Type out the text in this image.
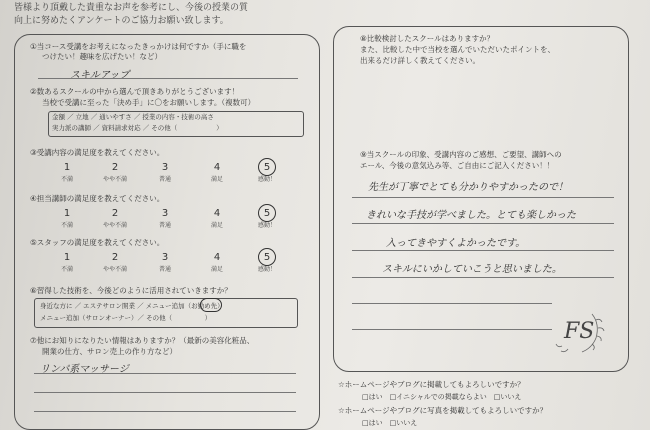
皆様より頂戴した貴重なお声を参考にし、今後の授業の質
向上に努めたくアンケートのご協力お願い致します。
①当コース受講をお考えになったきっかけは何ですか（手に職を
つけたい！趣味を広げたい！など）
スキルアップ
②数あるスクールの中から選んで頂きありがとうございます！
当校で受講に至った「決め手」に〇をお願いします。（複数可）
金額 ／ 立地 ／ 通いやすさ ／ 授業の内容・技術の高さ
実力派の講師 ／ 資料請求対応 ／ その他（　　　　　　）
③受講内容の満足度を教えてください。
1	2	3	4	5
不満	やや不満	普通	満足	感動！
④担当講師の満足度を教えてください。
1	2	3	4	5
不満	やや不満	普通	満足	感動！
⑤スタッフの満足度を教えてください。
1	2	3	4	5
不満	やや不満	普通	満足	感動！
⑥習得した技術を、今後どのように活用されていきますか？
身近な方に ／ エステサロン開業 ／ メニュー追加（お勤め先）
メニュー追加（サロンオーナー）／ その他（　　　　　）
⑦他にお知りになりたい情報はありますか？（最新の美容化粧品、
開業の仕方、サロン売上の作り方など）
リンパ系マッサージ
⑧比較検討したスクールはありますか？
また、比較した中で当校を選んでいただいたポイントを、
出来るだけ詳しく教えてください。
⑨当スクールの印象、受講内容のご感想、ご要望、講師への
エール、今後の意気込み等、ご自由にご記入ください！！
先生が丁寧でとても分かりやすかったので！
きれいな手技が学べました。とても楽しかった
入ってきやすくよかったです。
スキルにいかしていこうと思いました。
FS
☆ホームページやブログに掲載してもよろしいですか？
□はい　□イニシャルでの掲載ならよい　□いいえ
☆ホームページやブログに写真を掲載してもよろしいですか？
□はい　□いいえ
